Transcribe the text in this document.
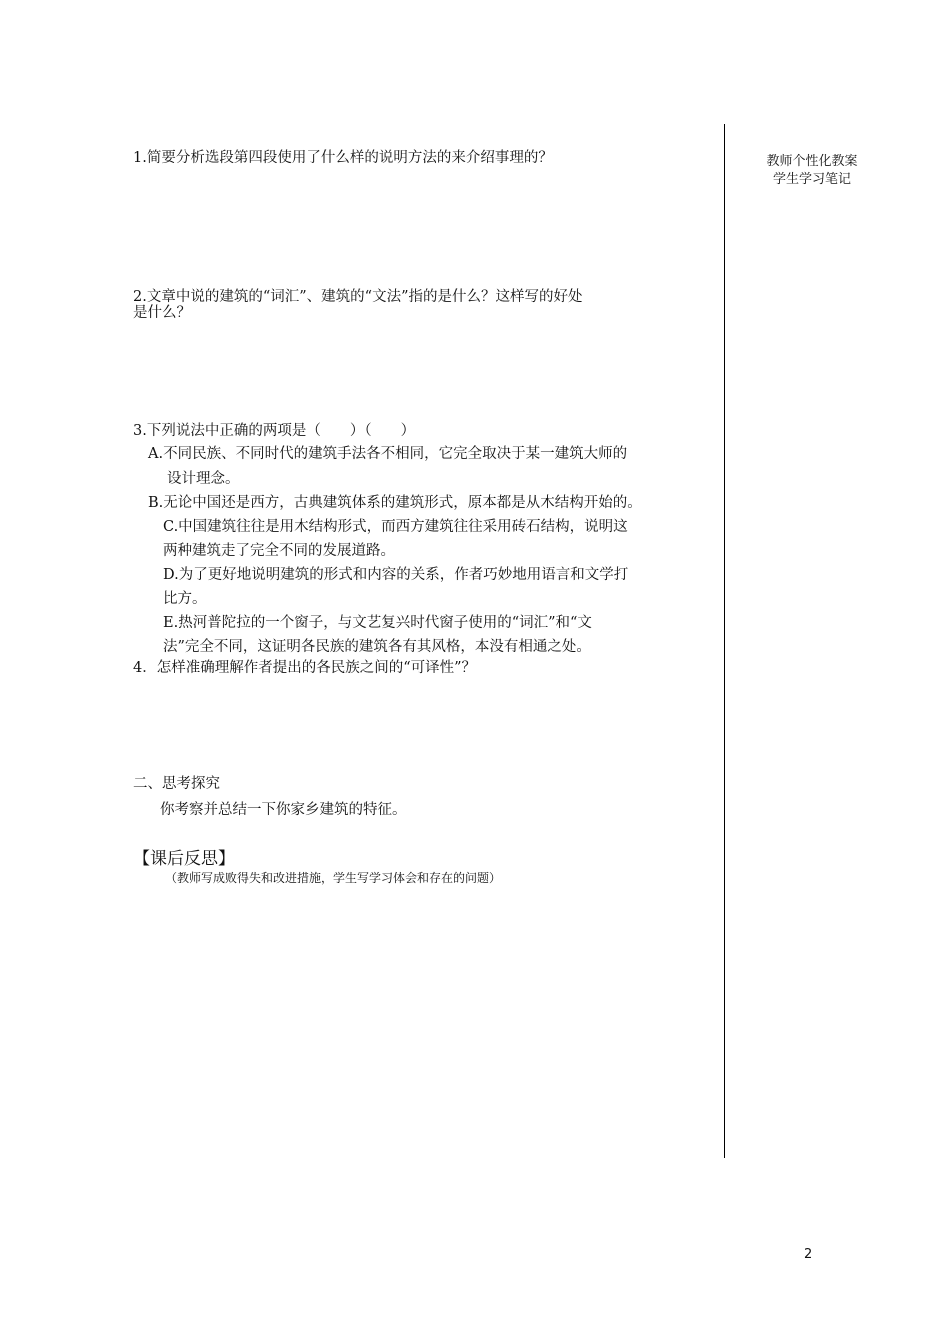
教师个性化教案
学生学习笔记
1.简要分析选段第四段使用了什么样的说明方法的来介绍事理的？
2.文章中说的建筑的“词汇”、建筑的“文法”指的是什么？这样写的好处
是什么？
3.下列说法中正确的两项是（　　）（　　）
A.不同民族、不同时代的建筑手法各不相同，它完全取决于某一建筑大师的
设计理念。
B.无论中国还是西方，古典建筑体系的建筑形式，原本都是从木结构开始的。
C.中国建筑往往是用木结构形式，而西方建筑往往采用砖石结构，说明这
两种建筑走了完全不同的发展道路。
D.为了更好地说明建筑的形式和内容的关系，作者巧妙地用语言和文学打
比方。
E.热河普陀拉的一个窗子，与文艺复兴时代窗子使用的“词汇”和“文
法”完全不同，这证明各民族的建筑各有其风格，本没有相通之处。
4．怎样准确理解作者提出的各民族之间的“可译性”？
二、思考探究
你考察并总结一下你家乡建筑的特征。
【课后反思】
（教师写成败得失和改进措施，学生写学习体会和存在的问题）
2
